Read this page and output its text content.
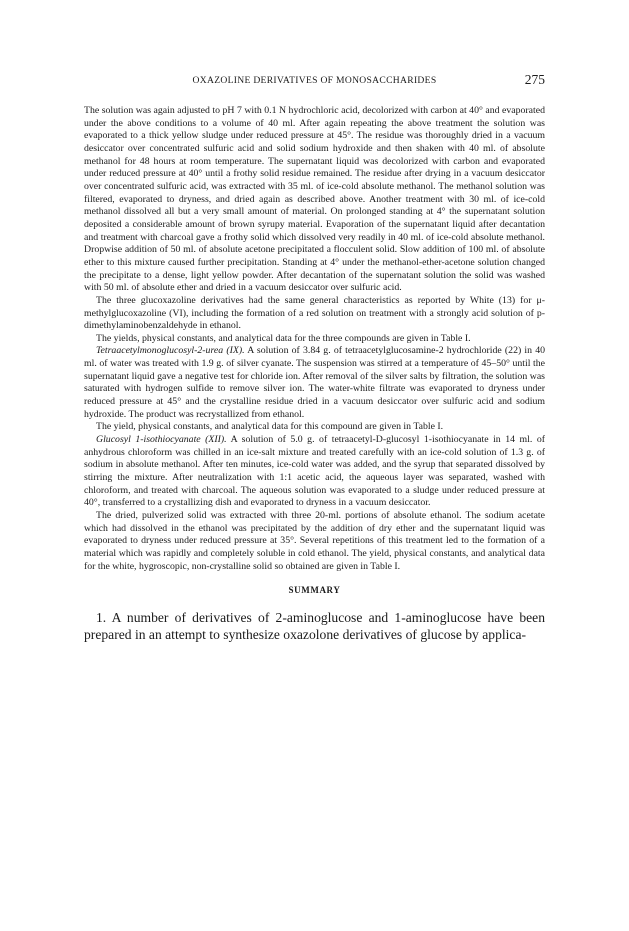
OXAZOLINE DERIVATIVES OF MONOSACCHARIDES	275

The solution was again adjusted to pH 7 with 0.1 N hydrochloric acid, decolorized with carbon at 40° and evaporated under the above conditions to a volume of 40 ml. After again repeating the above treatment the solution was evaporated to a thick yellow sludge under reduced pressure at 45°. The residue was thoroughly dried in a vacuum desiccator over concentrated sulfuric acid and solid sodium hydroxide and then shaken with 40 ml. of absolute methanol for 48 hours at room temperature. The supernatant liquid was decolorized with carbon and evaporated under reduced pressure at 40° until a frothy solid residue remained. The residue after drying in a vacuum desiccator over concentrated sulfuric acid, was extracted with 35 ml. of ice-cold absolute methanol. The methanol solution was filtered, evaporated to dryness, and dried again as described above. Another treatment with 30 ml. of ice-cold methanol dissolved all but a very small amount of material. On prolonged standing at 4° the supernatant solution deposited a considerable amount of brown syrupy material. Evaporation of the supernatant liquid after decantation and treatment with charcoal gave a frothy solid which dissolved very readily in 40 ml. of ice-cold absolute methanol. Dropwise addition of 50 ml. of absolute acetone precipitated a flocculent solid. Slow addition of 100 ml. of absolute ether to this mixture caused further precipitation. Standing at 4° under the methanol-ether-acetone solution changed the precipitate to a dense, light yellow powder. After decantation of the supernatant solution the solid was washed with 50 ml. of absolute ether and dried in a vacuum desiccator over sulfuric acid.

The three glucoxazoline derivatives had the same general characteristics as reported by White (13) for μ-methylglucoxazoline (VI), including the formation of a red solution on treatment with a strongly acid solution of p-dimethylaminobenzaldehyde in ethanol.

The yields, physical constants, and analytical data for the three compounds are given in Table I.

Tetraacetylmonoglucosyl-2-urea (IX). A solution of 3.84 g. of tetraacetylglucosamine-2 hydrochloride (22) in 40 ml. of water was treated with 1.9 g. of silver cyanate. The suspension was stirred at a temperature of 45–50° until the supernatant liquid gave a negative test for chloride ion. After removal of the silver salts by filtration, the solution was saturated with hydrogen sulfide to remove silver ion. The water-white filtrate was evaporated to dryness under reduced pressure at 45° and the crystalline residue dried in a vacuum desiccator over sulfuric acid and sodium hydroxide. The product was recrystallized from ethanol.

The yield, physical constants, and analytical data for this compound are given in Table I.

Glucosyl 1-isothiocyanate (XII). A solution of 5.0 g. of tetraacetyl-D-glucosyl 1-isothiocyanate in 14 ml. of anhydrous chloroform was chilled in an ice-salt mixture and treated carefully with an ice-cold solution of 1.3 g. of sodium in absolute methanol. After ten minutes, ice-cold water was added, and the syrup that separated dissolved by stirring the mixture. After neutralization with 1:1 acetic acid, the aqueous layer was separated, washed with chloroform, and treated with charcoal. The aqueous solution was evaporated to a sludge under reduced pressure at 40°, transferred to a crystallizing dish and evaporated to dryness in a vacuum desiccator.

The dried, pulverized solid was extracted with three 20-ml. portions of absolute ethanol. The sodium acetate which had dissolved in the ethanol was precipitated by the addition of dry ether and the supernatant liquid was evaporated to dryness under reduced pressure at 35°. Several repetitions of this treatment led to the formation of a material which was rapidly and completely soluble in cold ethanol. The yield, physical constants, and analytical data for the white, hygroscopic, non-crystalline solid so obtained are given in Table I.

SUMMARY

1. A number of derivatives of 2-aminoglucose and 1-aminoglucose have been prepared in an attempt to synthesize oxazolone derivatives of glucose by applica-
